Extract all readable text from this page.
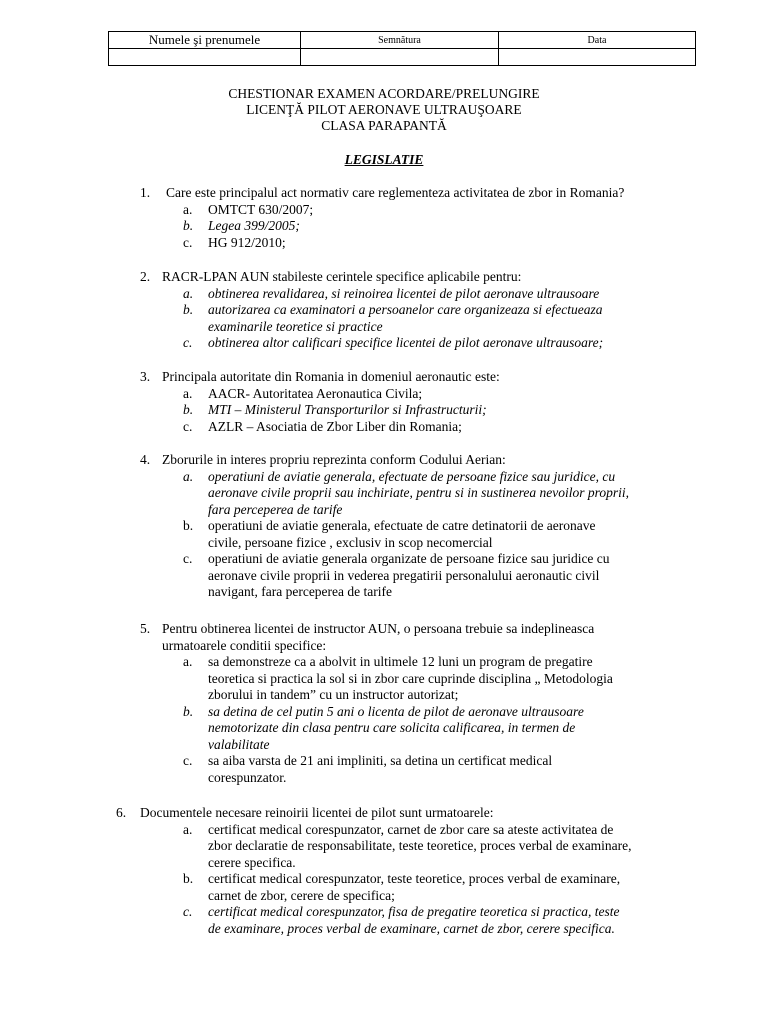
Numele şi prenumele	Semnătura	Data

CHESTIONAR EXAMEN ACORDARE/PRELUNGIRE
LICENŢĂ PILOT AERONAVE ULTRAUŞOARE
CLASA PARAPANTĂ
LEGISLATIE
1. Care este principalul act normativ care reglementeza activitatea de zbor in Romania?
a. OMTCT 630/2007;
b. Legea 399/2005;
c. HG 912/2010;
2. RACR-LPAN AUN stabileste cerintele specifice aplicabile pentru:
a. obtinerea revalidarea, si reinoirea licentei de pilot aeronave ultrausoare
b. autorizarea ca examinatori a persoanelor care organizeaza si efectueaza
examinarile teoretice si practice
c. obtinerea altor calificari specifice licentei de pilot aeronave ultrausoare;
3. Principala autoritate din Romania in domeniul aeronautic este:
a. AACR- Autoritatea Aeronautica Civila;
b. MTI – Ministerul Transporturilor si Infrastructurii;
c. AZLR – Asociatia de Zbor Liber din Romania;
4. Zborurile in interes propriu reprezinta conform Codului Aerian:
a. operatiuni de aviatie generala, efectuate de persoane fizice sau juridice, cu
aeronave civile proprii sau inchiriate, pentru si in sustinerea nevoilor proprii,
fara perceperea de tarife
b. operatiuni de aviatie generala, efectuate de catre detinatorii de aeronave
civile, persoane fizice , exclusiv in scop necomercial
c. operatiuni de aviatie generala organizate de persoane fizice sau juridice cu
aeronave civile proprii in vederea pregatirii personalului aeronautic civil
navigant, fara perceperea de tarife
5. Pentru obtinerea licentei de instructor AUN, o persoana trebuie sa indeplineasca
urmatoarele conditii specifice:
a. sa demonstreze ca a abolvit in ultimele 12 luni un program de pregatire
teoretica si practica la sol si in zbor care cuprinde disciplina „ Metodologia
zborului in tandem” cu un instructor autorizat;
b. sa detina de cel putin 5 ani o licenta de pilot de aeronave ultrausoare
nemotorizate din clasa pentru care solicita calificarea, in termen de
valabilitate
c. sa aiba varsta de 21 ani impliniti, sa detina un certificat medical
corespunzator.
6. Documentele necesare reinoirii licentei de pilot sunt urmatoarele:
a. certificat medical corespunzator, carnet de zbor care sa ateste activitatea de
zbor declaratie de responsabilitate, teste teoretice, proces verbal de examinare,
cerere specifica.
b. certificat medical corespunzator, teste teoretice, proces verbal de examinare,
carnet de zbor, cerere de specifica;
c. certificat medical corespunzator, fisa de pregatire teoretica si practica, teste
de examinare, proces verbal de examinare, carnet de zbor, cerere specifica.
